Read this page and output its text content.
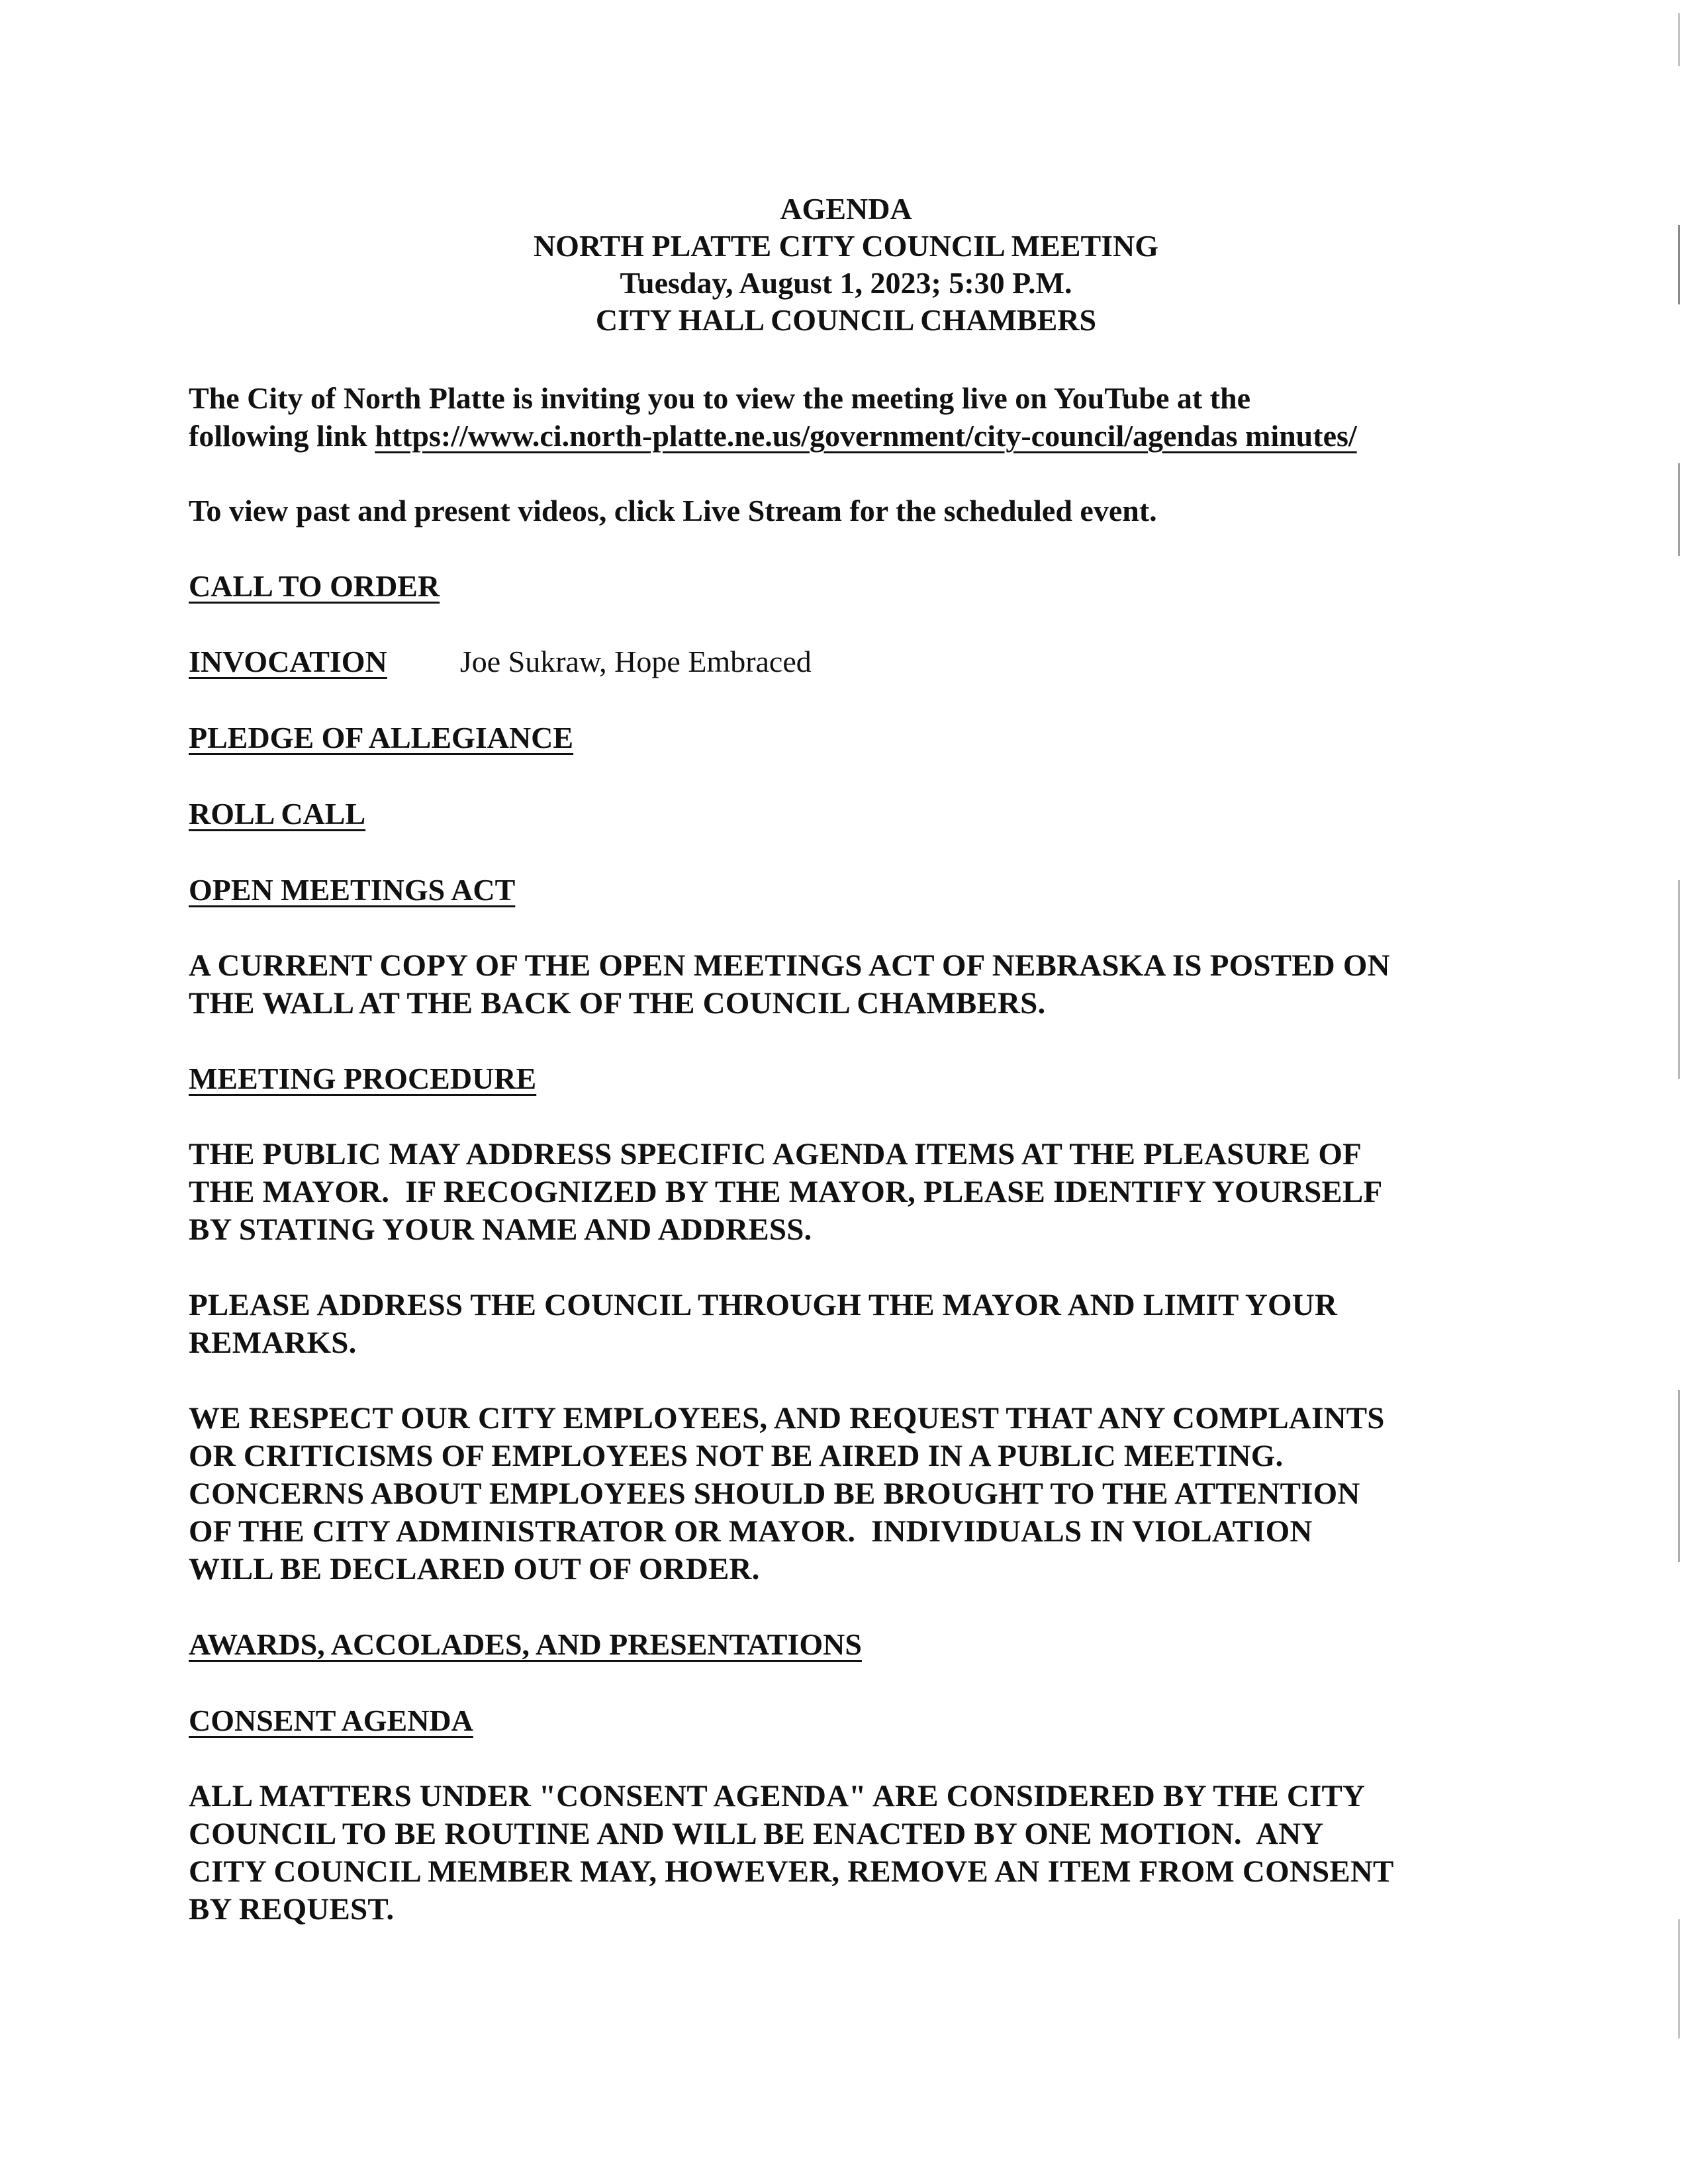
AGENDA
NORTH PLATTE CITY COUNCIL MEETING
Tuesday, August 1, 2023; 5:30 P.M.
CITY HALL COUNCIL CHAMBERS
The City of North Platte is inviting you to view the meeting live on YouTube at the
following link https://www.ci.north-platte.ne.us/government/city-council/agendas minutes/
To view past and present videos, click Live Stream for the scheduled event.
CALL TO ORDER
INVOCATION Joe Sukraw, Hope Embraced
PLEDGE OF ALLEGIANCE
ROLL CALL
OPEN MEETINGS ACT
A CURRENT COPY OF THE OPEN MEETINGS ACT OF NEBRASKA IS POSTED ON
THE WALL AT THE BACK OF THE COUNCIL CHAMBERS.
MEETING PROCEDURE
THE PUBLIC MAY ADDRESS SPECIFIC AGENDA ITEMS AT THE PLEASURE OF
THE MAYOR.  IF RECOGNIZED BY THE MAYOR, PLEASE IDENTIFY YOURSELF
BY STATING YOUR NAME AND ADDRESS.
PLEASE ADDRESS THE COUNCIL THROUGH THE MAYOR AND LIMIT YOUR
REMARKS.
WE RESPECT OUR CITY EMPLOYEES, AND REQUEST THAT ANY COMPLAINTS
OR CRITICISMS OF EMPLOYEES NOT BE AIRED IN A PUBLIC MEETING.
CONCERNS ABOUT EMPLOYEES SHOULD BE BROUGHT TO THE ATTENTION
OF THE CITY ADMINISTRATOR OR MAYOR.  INDIVIDUALS IN VIOLATION
WILL BE DECLARED OUT OF ORDER.
AWARDS, ACCOLADES, AND PRESENTATIONS
CONSENT AGENDA
ALL MATTERS UNDER "CONSENT AGENDA" ARE CONSIDERED BY THE CITY
COUNCIL TO BE ROUTINE AND WILL BE ENACTED BY ONE MOTION.  ANY
CITY COUNCIL MEMBER MAY, HOWEVER, REMOVE AN ITEM FROM CONSENT
BY REQUEST.
